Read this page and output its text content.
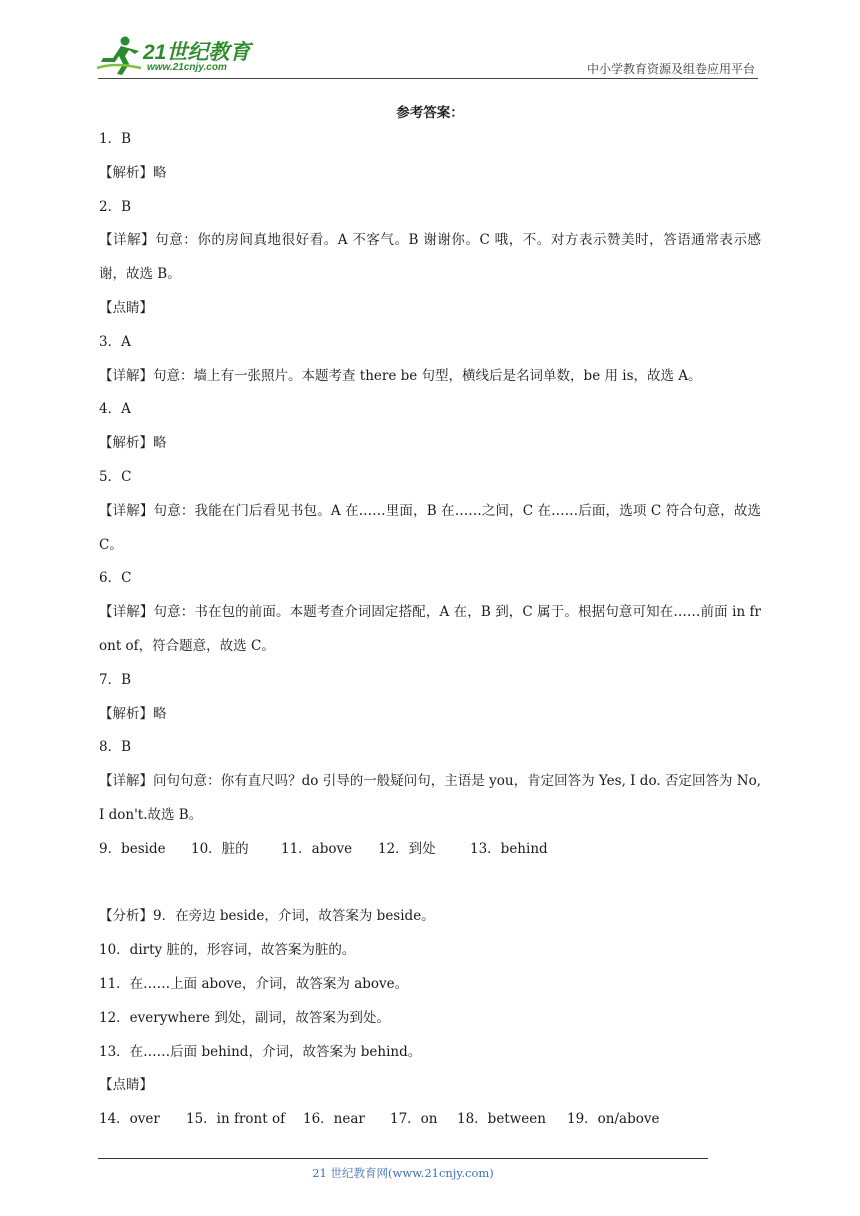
21世纪教育
www.21cnjy.com	中小学教育资源及组卷应用平台
参考答案：
1．B
【解析】略
2．B
【详解】句意：你的房间真地很好看。A 不客气。B 谢谢你。C 哦，不。对方表示赞美时，答语通常表示感谢，故选 B。
【点睛】
3．A
【详解】句意：墙上有一张照片。本题考查 there be 句型，横线后是名词单数，be 用 is，故选 A。
4．A
【解析】略
5．C
【详解】句意：我能在门后看见书包。A 在……里面，B 在……之间，C 在……后面，选项 C 符合句意，故选 C。
6．C
【详解】句意：书在包的前面。本题考查介词固定搭配，A 在，B 到，C 属于。根据句意可知在……前面 in front of，符合题意，故选 C。
7．B
【解析】略
8．B
【详解】问句句意：你有直尺吗？do 引导的一般疑问句，主语是 you，肯定回答为 Yes, I do. 否定回答为 No, I don't.故选 B。
9．beside	10．脏的	11．above	12．到处	13．behind
【分析】9．在旁边 beside，介词，故答案为 beside。
10．dirty 脏的，形容词，故答案为脏的。
11．在……上面 above，介词，故答案为 above。
12．everywhere 到处，副词，故答案为到处。
13．在……后面 behind，介词，故答案为 behind。
【点睛】
14．over	15．in front of	16．near	17．on	18．between	19．on/above
21 世纪教育网(www.21cnjy.com)
